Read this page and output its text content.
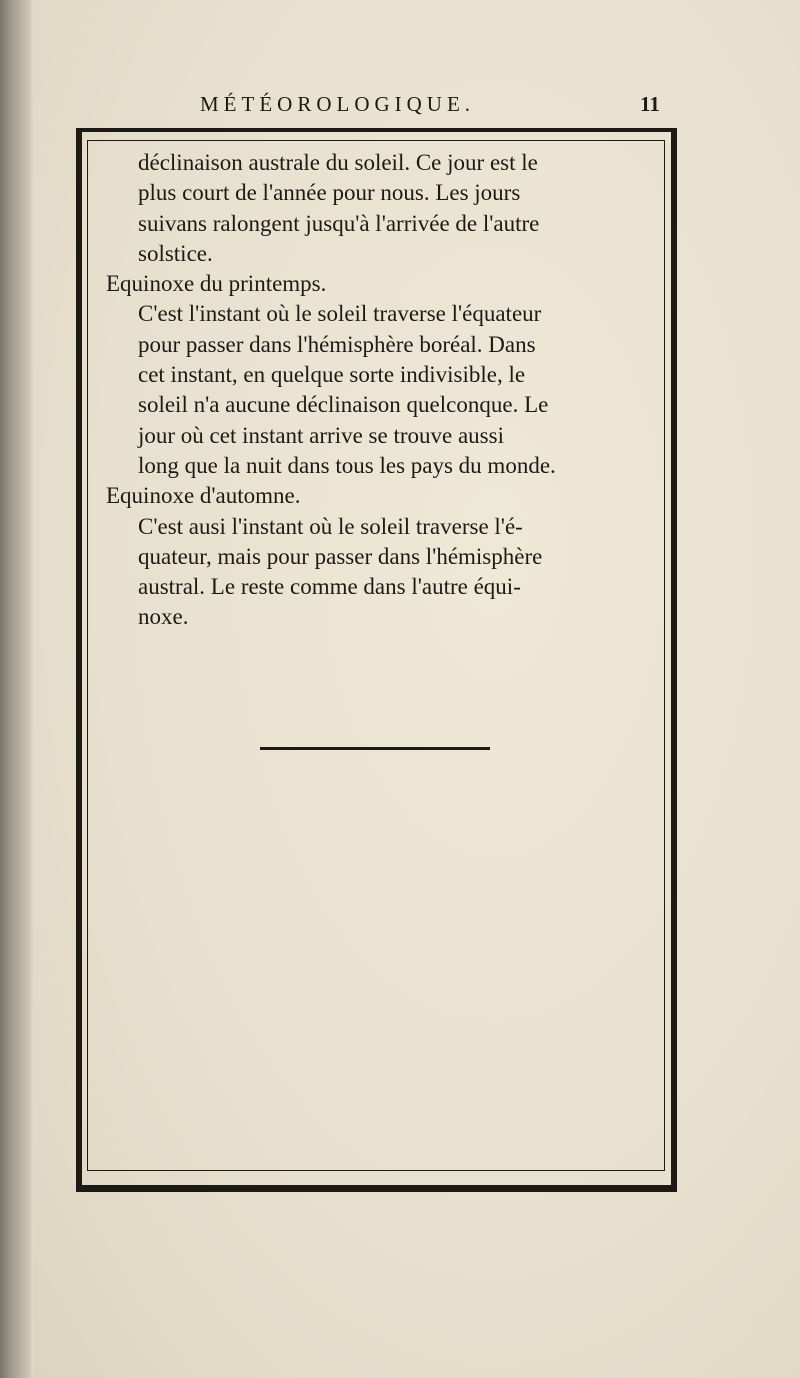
MÉTÉOROLOGIQUE.	11
déclinaison australe du soleil. Ce jour est le
plus court de l'année pour nous. Les jours
suivans ralongent jusqu'à l'arrivée de l'autre
solstice.
Equinoxe du printemps.
C'est l'instant où le soleil traverse l'équateur
pour passer dans l'hémisphère boréal. Dans
cet instant, en quelque sorte indivisible, le
soleil n'a aucune déclinaison quelconque. Le
jour où cet instant arrive se trouve aussi
long que la nuit dans tous les pays du monde.
Equinoxe d'automne.
C'est ausi l'instant où le soleil traverse l'é-
quateur, mais pour passer dans l'hémisphère
austral. Le reste comme dans l'autre équi-
noxe.
